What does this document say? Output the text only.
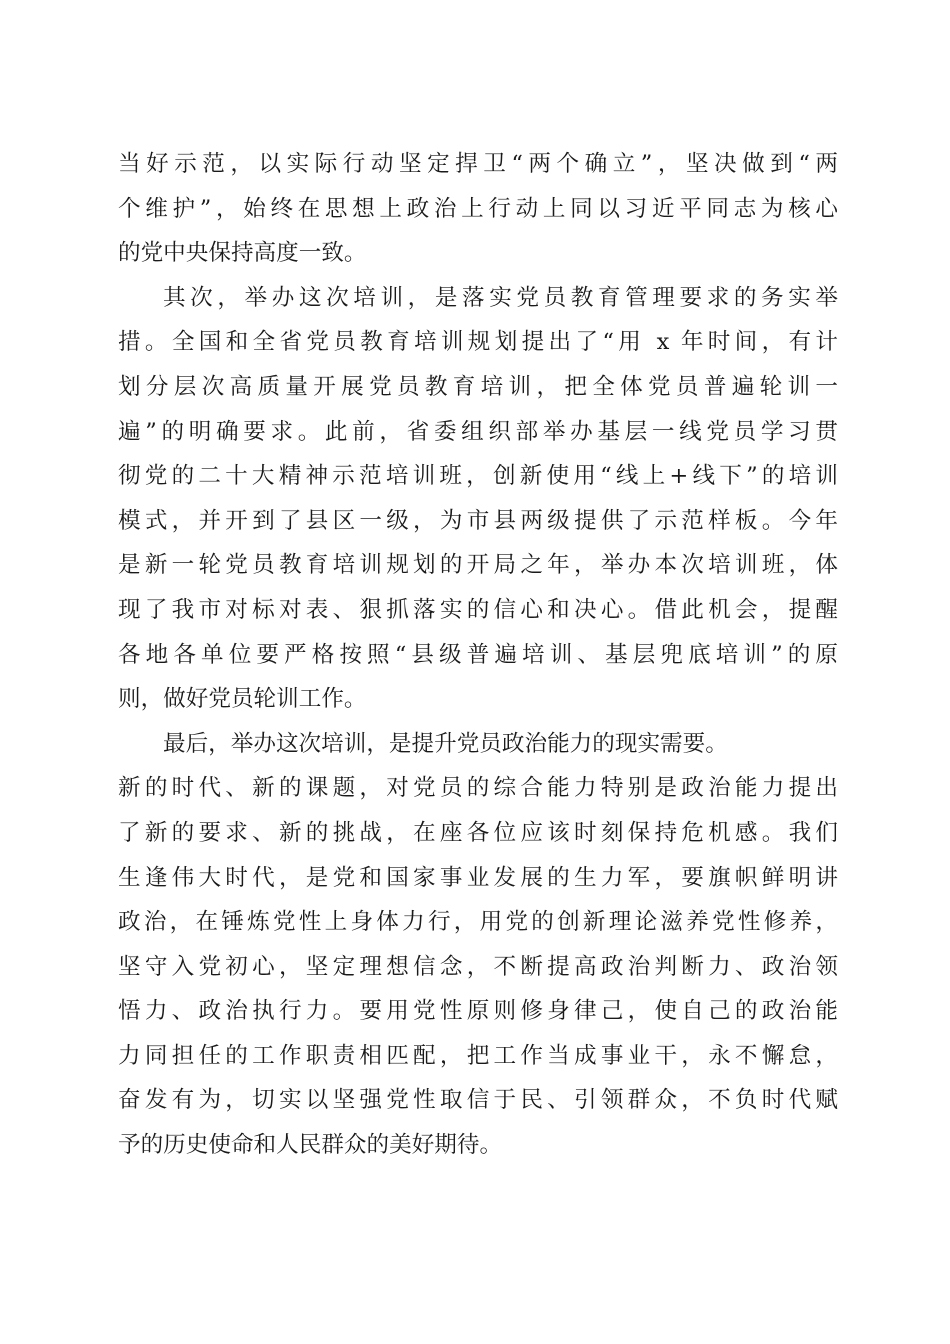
当好示范，以实际行动坚定捍卫“两个确立”，坚决做到“两
个维护”，始终在思想上政治上行动上同以习近平同志为核心
的党中央保持高度一致。
其次，举办这次培训，是落实党员教育管理要求的务实举
措。全国和全省党员教育培训规划提出了“用 x 年时间，有计
划分层次高质量开展党员教育培训，把全体党员普遍轮训一
遍”的明确要求。此前，省委组织部举办基层一线党员学习贯
彻党的二十大精神示范培训班，创新使用“线上+线下”的培训
模式，并开到了县区一级，为市县两级提供了示范样板。今年
是新一轮党员教育培训规划的开局之年，举办本次培训班，体
现了我市对标对表、狠抓落实的信心和决心。借此机会，提醒
各地各单位要严格按照“县级普遍培训、基层兜底培训”的原
则，做好党员轮训工作。
最后，举办这次培训，是提升党员政治能力的现实需要。
新的时代、新的课题，对党员的综合能力特别是政治能力提出
了新的要求、新的挑战，在座各位应该时刻保持危机感。我们
生逢伟大时代，是党和国家事业发展的生力军，要旗帜鲜明讲
政治，在锤炼党性上身体力行，用党的创新理论滋养党性修养，
坚守入党初心，坚定理想信念，不断提高政治判断力、政治领
悟力、政治执行力。要用党性原则修身律己，使自己的政治能
力同担任的工作职责相匹配，把工作当成事业干，永不懈怠，
奋发有为，切实以坚强党性取信于民、引领群众，不负时代赋
予的历史使命和人民群众的美好期待。
